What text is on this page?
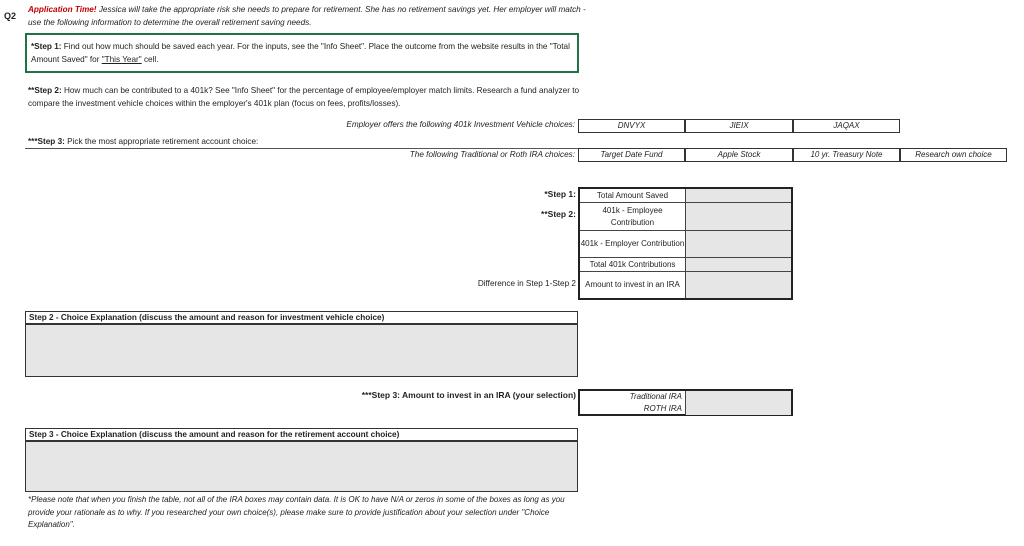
Q2
Application Time! Jessica will take the appropriate risk she needs to prepare for retirement. She has no retirement savings yet. Her employer will match - use the following information to determine the overall retirement saving needs.
*Step 1: Find out how much should be saved each year. For the inputs, see the "Info Sheet". Place the outcome from the website results in the "Total Amount Saved" for "This Year" cell.
**Step 2: How much can be contributed to a 401k? See "Info Sheet" for the percentage of employee/employer match limits. Research a fund analyzer to compare the investment vehicle choices within the employer's 401k plan (focus on fees, profits/losses).
Employer offers the following 401k Investment Vehicle choices:	DNVYX	JIEIX	JAQAX
***Step 3: Pick the most appropriate retirement account choice:
The following Traditional or Roth IRA choices:	Target Date Fund	Apple Stock	10 yr. Treasury Note	Research own choice
*Step 1:
**Step 2:
Difference in Step 1-Step 2
Total Amount Saved
401k - Employee Contribution
401k - Employer Contribution
Total 401k Contributions
Amount to invest in an IRA
Step 2 - Choice Explanation (discuss the amount and reason for investment vehicle choice)
***Step 3: Amount to invest in an IRA (your selection)	Traditional IRA
ROTH IRA
Step 3 - Choice Explanation (discuss the amount and reason for the retirement account choice)
*Please note that when you finish the table, not all of the IRA boxes may contain data. It is OK to have N/A or zeros in some of the boxes as long as you provide your rationale as to why. If you researched your own choice(s), please make sure to provide justification about your selection under "Choice Explanation".
